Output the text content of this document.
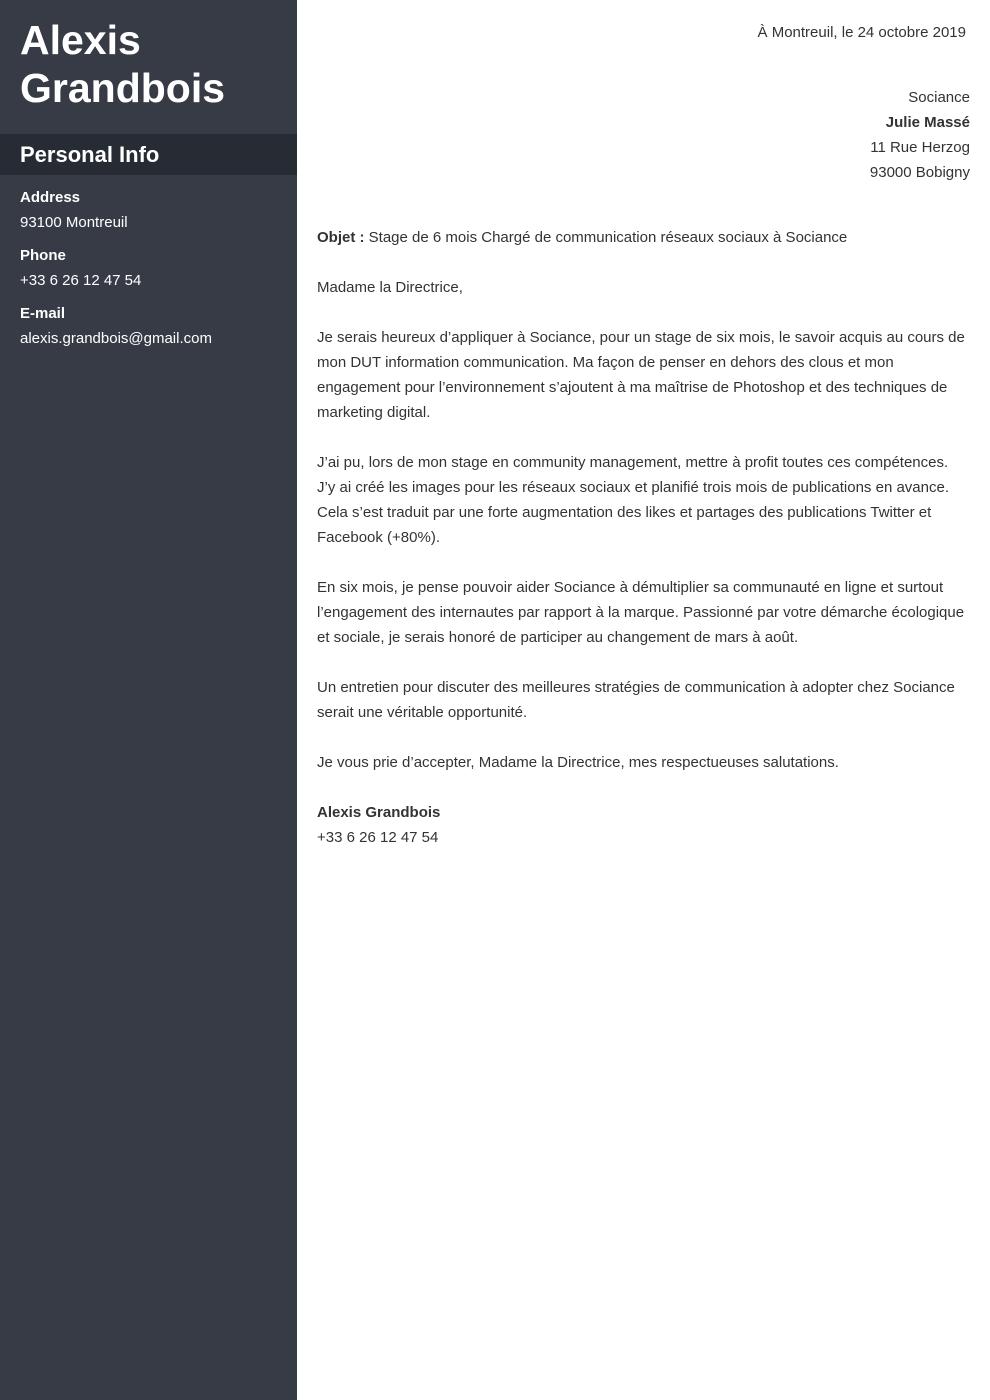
Alexis
Grandbois
Personal Info
Address
93100 Montreuil
Phone
+33 6 26 12 47 54
E-mail
alexis.grandbois@gmail.com
À Montreuil, le 24 octobre 2019
Sociance
Julie Massé
11 Rue Herzog
93000 Bobigny
Objet : Stage de 6 mois Chargé de communication réseaux sociaux à Sociance
Madame la Directrice,
Je serais heureux d’appliquer à Sociance, pour un stage de six mois, le savoir acquis au cours de mon DUT information communication. Ma façon de penser en dehors des clous et mon engagement pour l’environnement s’ajoutent à ma maîtrise de Photoshop et des techniques de marketing digital.
J’ai pu, lors de mon stage en community management, mettre à profit toutes ces compétences. J’y ai créé les images pour les réseaux sociaux et planifié trois mois de publications en avance. Cela s’est traduit par une forte augmentation des likes et partages des publications Twitter et Facebook (+80%).
En six mois, je pense pouvoir aider Sociance à démultiplier sa communauté en ligne et surtout l’engagement des internautes par rapport à la marque. Passionné par votre démarche écologique et sociale, je serais honoré de participer au changement de mars à août.
Un entretien pour discuter des meilleures stratégies de communication à adopter chez Sociance serait une véritable opportunité.
Je vous prie d’accepter, Madame la Directrice, mes respectueuses salutations.
Alexis Grandbois
+33 6 26 12 47 54
